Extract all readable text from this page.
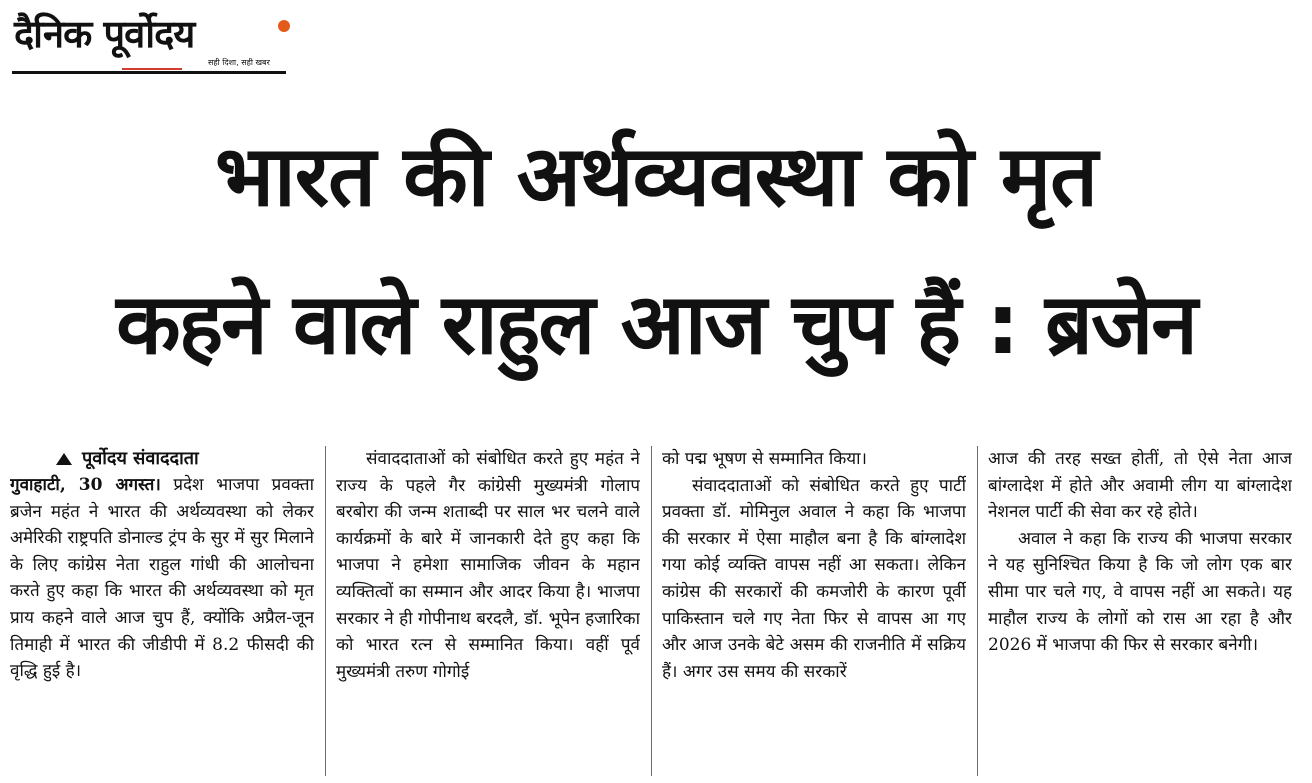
दैनिक पूर्वोदय
सही दिशा, सही खबर
भारत की अर्थव्यवस्था को मृत
कहने वाले राहुल आज चुप हैं : ब्रजेन
पूर्वोदय संवाददाता

गुवाहाटी, 30 अगस्त। प्रदेश भाजपा प्रवक्ता ब्रजेन महंत ने भारत की अर्थव्यवस्था को लेकर अमेरिकी राष्ट्रपति डोनाल्ड ट्रंप के सुर में सुर मिलाने के लिए कांग्रेस नेता राहुल गांधी की आलोचना करते हुए कहा कि भारत की अर्थव्यवस्था को मृत प्राय कहने वाले आज चुप हैं, क्योंकि अप्रैल-जून तिमाही में भारत की जीडीपी में 8.2 फीसदी की वृद्धि हुई है।

संवाददाताओं को संबोधित करते हुए महंत ने राज्य के पहले गैर कांग्रेसी मुख्यमंत्री गोलाप बरबोरा की जन्म शताब्दी पर साल भर चलने वाले कार्यक्रमों के बारे में जानकारी देते हुए कहा कि भाजपा ने हमेशा सामाजिक जीवन के महान व्यक्तित्वों का सम्मान और आदर किया है। भाजपा सरकार ने ही गोपीनाथ बरदलै, डॉ. भूपेन हजारिका को भारत रत्न से सम्मानित किया। वहीं पूर्व मुख्यमंत्री तरुण गोगोई

को पद्म भूषण से सम्मानित किया।

संवाददाताओं को संबोधित करते हुए पार्टी प्रवक्ता डॉ. मोमिनुल अवाल ने कहा कि भाजपा की सरकार में ऐसा माहौल बना है कि बांग्लादेश गया कोई व्यक्ति वापस नहीं आ सकता। लेकिन कांग्रेस की सरकारों की कमजोरी के कारण पूर्वी पाकिस्तान चले गए नेता फिर से वापस आ गए और आज उनके बेटे असम की राजनीति में सक्रिय हैं। अगर उस समय की सरकारें

आज की तरह सख्त होतीं, तो ऐसे नेता आज बांग्लादेश में होते और अवामी लीग या बांग्लादेश नेशनल पार्टी की सेवा कर रहे होते।

अवाल ने कहा कि राज्य की भाजपा सरकार ने यह सुनिश्चित किया है कि जो लोग एक बार सीमा पार चले गए, वे वापस नहीं आ सकते। यह माहौल राज्य के लोगों को रास आ रहा है और 2026 में भाजपा की फिर से सरकार बनेगी।
